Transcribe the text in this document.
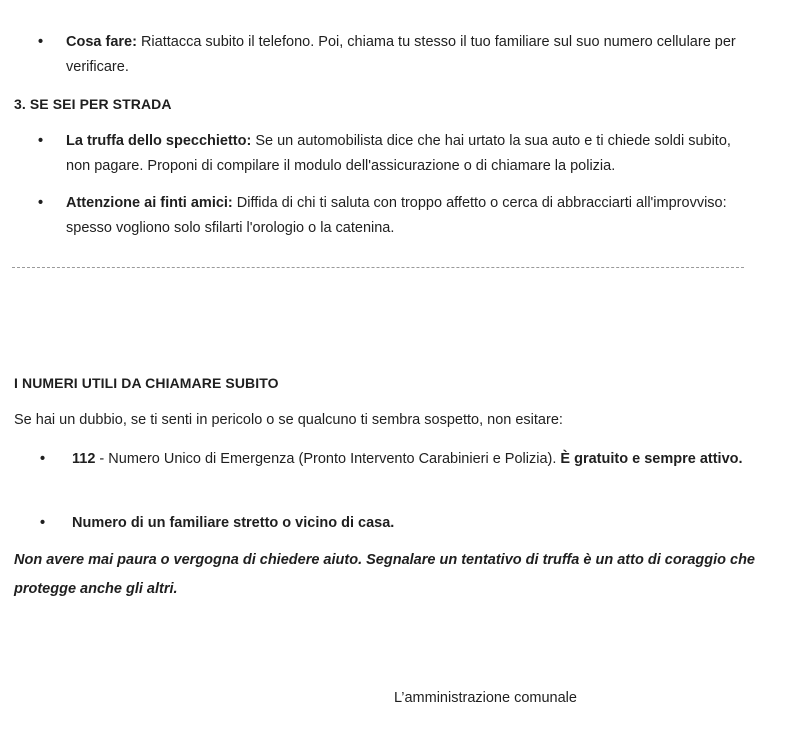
•	Cosa fare: Riattacca subito il telefono. Poi, chiama tu stesso il tuo familiare sul suo numero cellulare per verificare.
3. SE SEI PER STRADA
•	La truffa dello specchietto: Se un automobilista dice che hai urtato la sua auto e ti chiede soldi subito, non pagare. Proponi di compilare il modulo dell'assicurazione o di chiamare la polizia.
•	Attenzione ai finti amici: Diffida di chi ti saluta con troppo affetto o cerca di abbracciarti all'improvviso: spesso vogliono solo sfilarti l'orologio o la catenina.
I NUMERI UTILI DA CHIAMARE SUBITO
Se hai un dubbio, se ti senti in pericolo o se qualcuno ti sembra sospetto, non esitare:
•	112 - Numero Unico di Emergenza (Pronto Intervento Carabinieri e Polizia). È gratuito e sempre attivo.
•	Numero di un familiare stretto o vicino di casa.
Non avere mai paura o vergogna di chiedere aiuto. Segnalare un tentativo di truffa è un atto di coraggio che protegge anche gli altri.
L’amministrazione comunale
